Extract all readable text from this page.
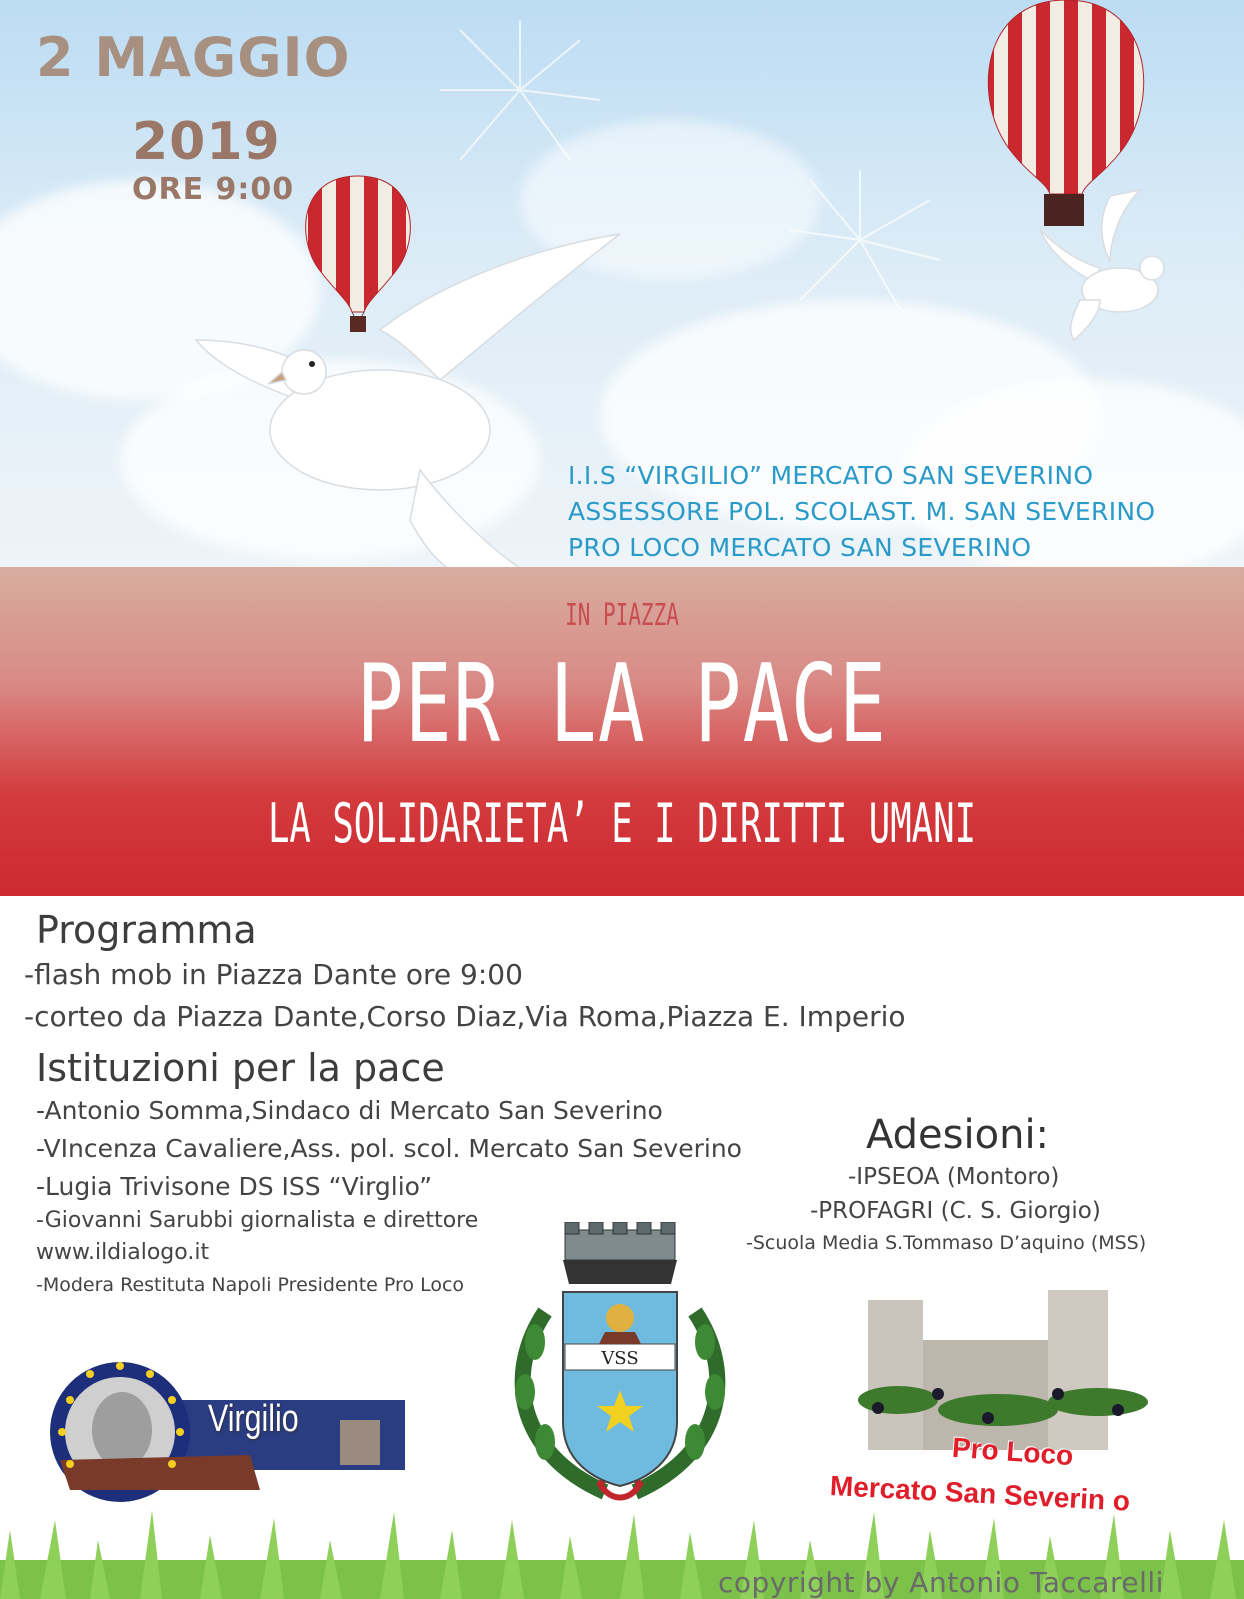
2 MAGGIO
2019
ORE 9:00
I.I.S “VIRGILIO” MERCATO SAN SEVERINO
ASSESSORE POL. SCOLAST. M. SAN SEVERINO
PRO LOCO MERCATO SAN SEVERINO
IN PIAZZA
PER LA PACE
LA SOLIDARIETA’ E I DIRITTI UMANI
Programma
-flash mob in Piazza Dante ore 9:00
-corteo da Piazza Dante,Corso Diaz,Via Roma,Piazza E. Imperio
Istituzioni per la pace
-Antonio Somma,Sindaco di Mercato San Severino
-VIncenza Cavaliere,Ass. pol. scol. Mercato San Severino
-Lugia Trivisone DS ISS “Virglio”
-Giovanni Sarubbi giornalista e direttore
www.ildialogo.it
-Modera Restituta Napoli Presidente Pro Loco
Adesioni:
-IPSEOA (Montoro)
-PROFAGRI (C. S. Giorgio)
-Scuola Media S.Tommaso D’aquino (MSS)
Virgilio
VSS
Pro Loco
Mercato San Severin o
copyright by Antonio Taccarelli
